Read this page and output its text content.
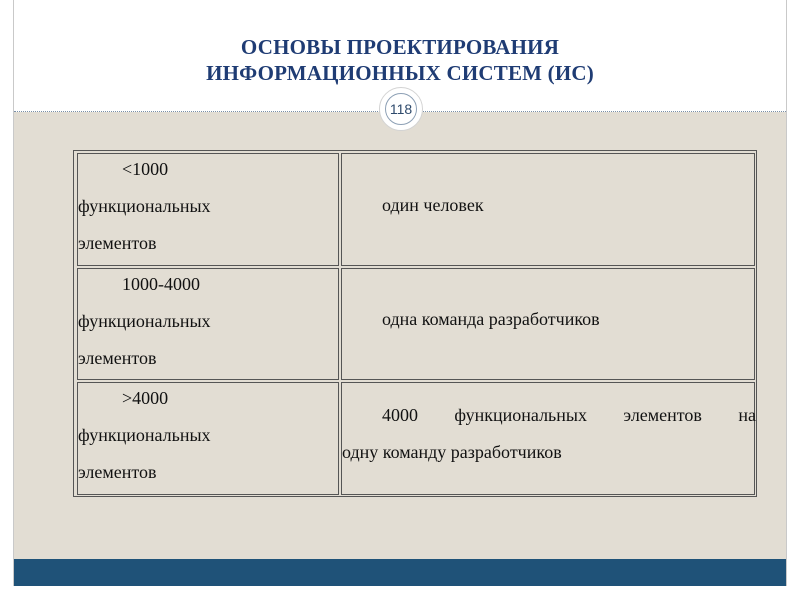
ОСНОВЫ ПРОЕКТИРОВАНИЯ
ИНФОРМАЦИОННЫХ СИСТЕМ (ИС)
118

<1000

функциональных

элементов

один человек

1000-4000

функциональных

элементов

одна команда разработчиков

>4000

функциональных

элементов

4000 функциональных элементов на

одну команду разработчиков
